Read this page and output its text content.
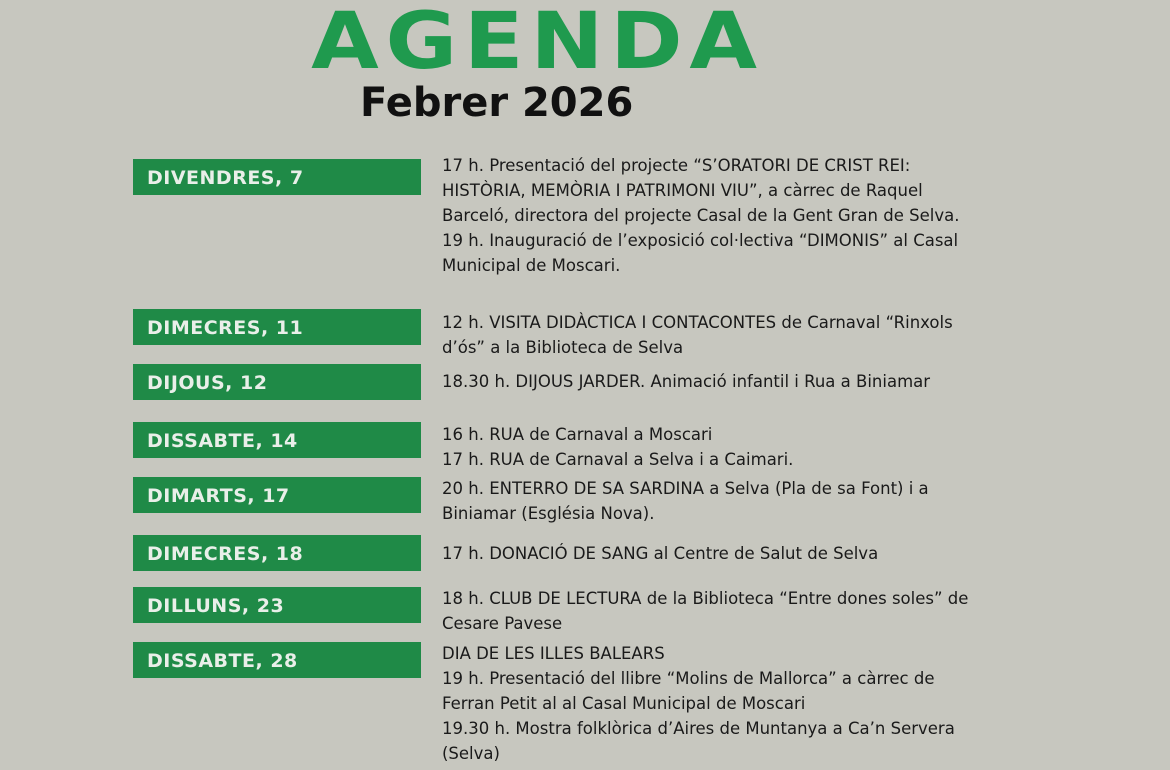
AGENDA
Febrer 2026
DIVENDRES, 7

17 h. Presentació del projecte “S’ORATORI DE CRIST REI: HISTÒRIA, MEMÒRIA I PATRIMONI VIU”, a càrrec de Raquel Barceló, directora del projecte Casal de la Gent Gran de Selva.

19 h. Inauguració de l’exposició col·lectiva “DIMONIS” al Casal Municipal de Moscari.

DIMECRES, 11	12 h. VISITA DIDÀCTICA I CONTACONTES de Carnaval “Rinxols d’ós” a la Biblioteca de Selva

DIJOUS, 12	18.30 h. DIJOUS JARDER. Animació infantil i Rua a Biniamar

DISSABTE, 14	16 h. RUA de Carnaval a Moscari

17 h. RUA de Carnaval a Selva i a Caimari.

DIMARTS, 17	20 h. ENTERRO DE SA SARDINA a Selva (Pla de sa Font) i a Biniamar (Església Nova).

DIMECRES, 18	17 h. DONACIÓ DE SANG al Centre de Salut de Selva

DILLUNS, 23	18 h. CLUB DE LECTURA de la Biblioteca “Entre dones soles” de Cesare Pavese

DISSABTE, 28	DIA DE LES ILLES BALEARS

19 h. Presentació del llibre “Molins de Mallorca” a càrrec de Ferran Petit al al Casal Municipal de Moscari

19.30 h. Mostra folklòrica d’Aires de Muntanya a Ca’n Servera (Selva)
